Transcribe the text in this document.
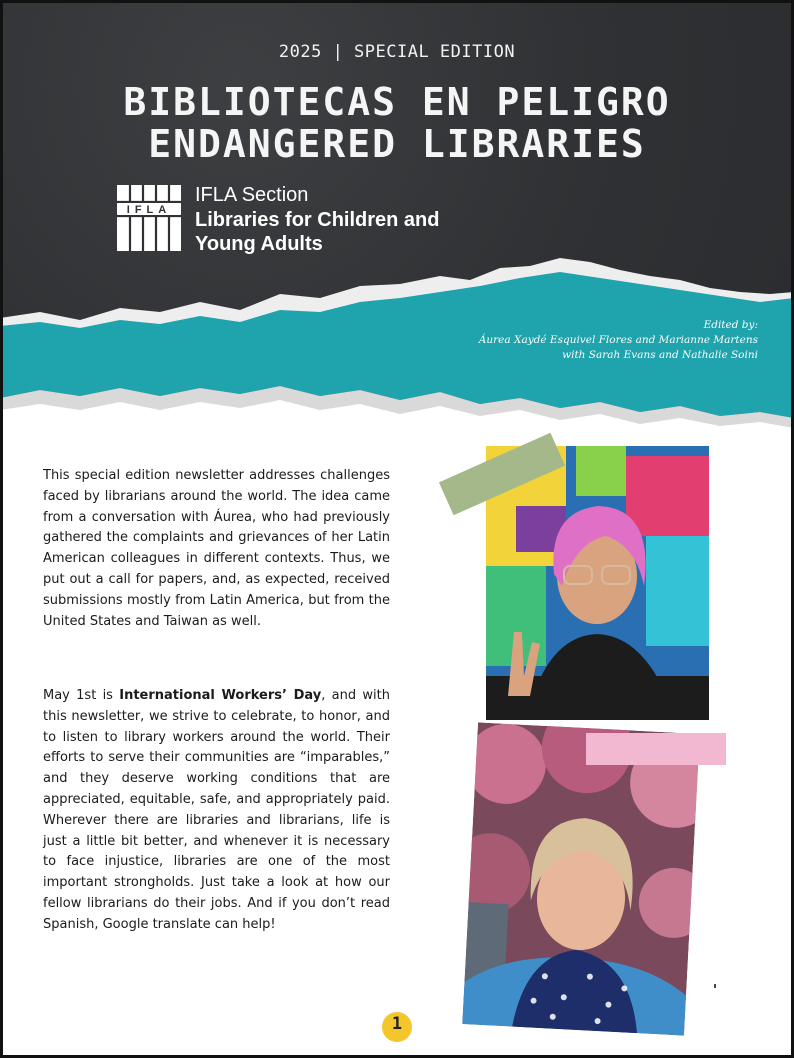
2025 | SPECIAL EDITION
BIBLIOTECAS EN PELIGRO
ENDANGERED LIBRARIES
IFLA
IFLA Section
Libraries for Children and
Young Adults
Edited by:
Áurea Xaydé Esquivel Flores and Marianne Martens
with Sarah Evans and Nathalie Soini

This special edition newsletter addresses challenges faced by librarians around the world. The idea came from a conversation with Áurea, who had previously gathered the complaints and grievances of her Latin American colleagues in different contexts. Thus, we put out a call for papers, and, as expected, received submissions mostly from Latin America, but from the United States and Taiwan as well.

May 1st is International Workers’ Day, and with this newsletter, we strive to celebrate, to honor, and to listen to library workers around the world. Their efforts to serve their communities are “imparables,” and they deserve working conditions that are appreciated, equitable, safe, and appropriately paid. Wherever there are libraries and librarians, life is just a little bit better, and whenever it is necessary to face injustice, libraries are one of the most important strongholds. Just take a look at how our fellow librarians do their jobs. And if you don’t read Spanish, Google translate can help!

1
